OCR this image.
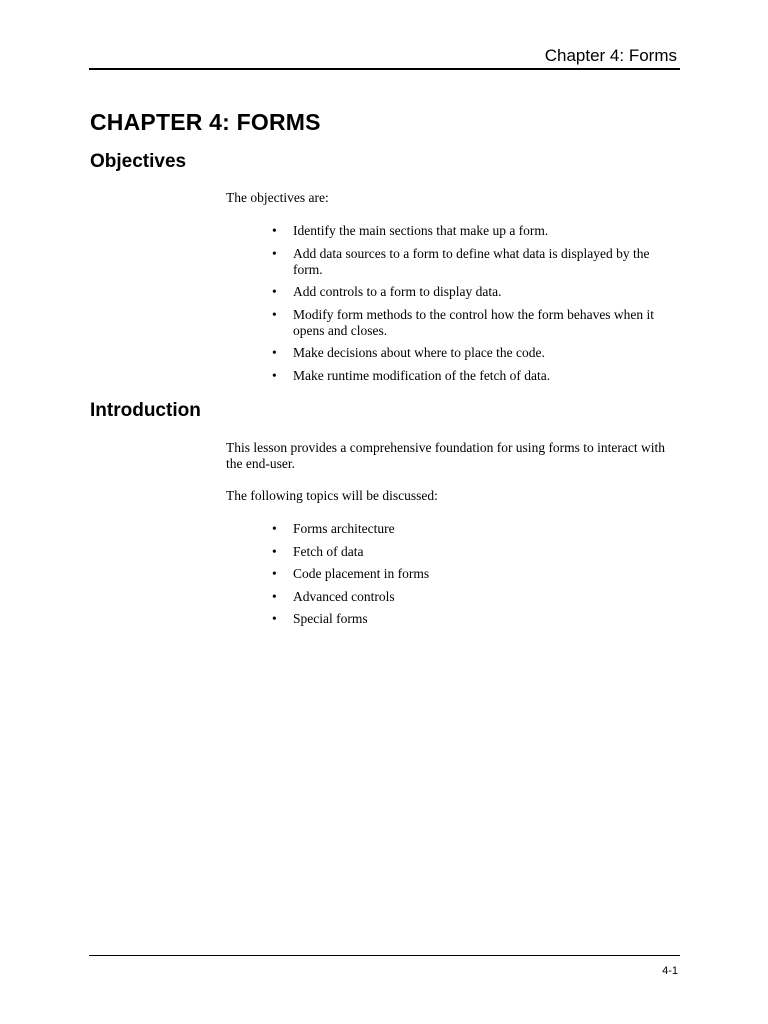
Chapter 4: Forms
CHAPTER 4: FORMS
Objectives

The objectives are:

• Identify the main sections that make up a form.
• Add data sources to a form to define what data is displayed by the form.
• Add controls to a form to display data.
• Modify form methods to the control how the form behaves when it opens and closes.
• Make decisions about where to place the code.
• Make runtime modification of the fetch of data.
Introduction

This lesson provides a comprehensive foundation for using forms to interact with the end-user.

The following topics will be discussed:

• Forms architecture
• Fetch of data
• Code placement in forms
• Advanced controls
• Special forms
4-1
